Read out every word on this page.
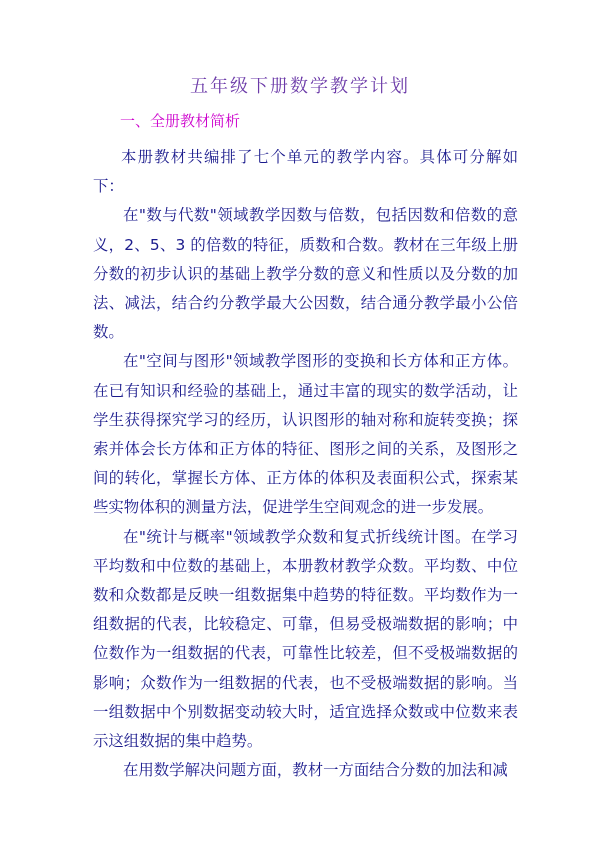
五年级下册数学教学计划
一、全册教材简析

本册教材共编排了七个单元的教学内容。具体可分解如下：

在"数与代数"领域教学因数与倍数，包括因数和倍数的意义，2、5、3 的倍数的特征，质数和合数。教材在三年级上册分数的初步认识的基础上教学分数的意义和性质以及分数的加法、减法，结合约分教学最大公因数，结合通分教学最小公倍数。

在"空间与图形"领域教学图形的变换和长方体和正方体。在已有知识和经验的基础上，通过丰富的现实的数学活动，让学生获得探究学习的经历，认识图形的轴对称和旋转变换；探索并体会长方体和正方体的特征、图形之间的关系，及图形之间的转化，掌握长方体、正方体的体积及表面积公式，探索某些实物体积的测量方法，促进学生空间观念的进一步发展。

在"统计与概率"领域教学众数和复式折线统计图。在学习平均数和中位数的基础上，本册教材教学众数。平均数、中位数和众数都是反映一组数据集中趋势的特征数。平均数作为一组数据的代表，比较稳定、可靠，但易受极端数据的影响；中位数作为一组数据的代表，可靠性比较差，但不受极端数据的影响；众数作为一组数据的代表，也不受极端数据的影响。当一组数据中个别数据变动较大时，适宜选择众数或中位数来表示这组数据的集中趋势。

在用数学解决问题方面，教材一方面结合分数的加法和减
